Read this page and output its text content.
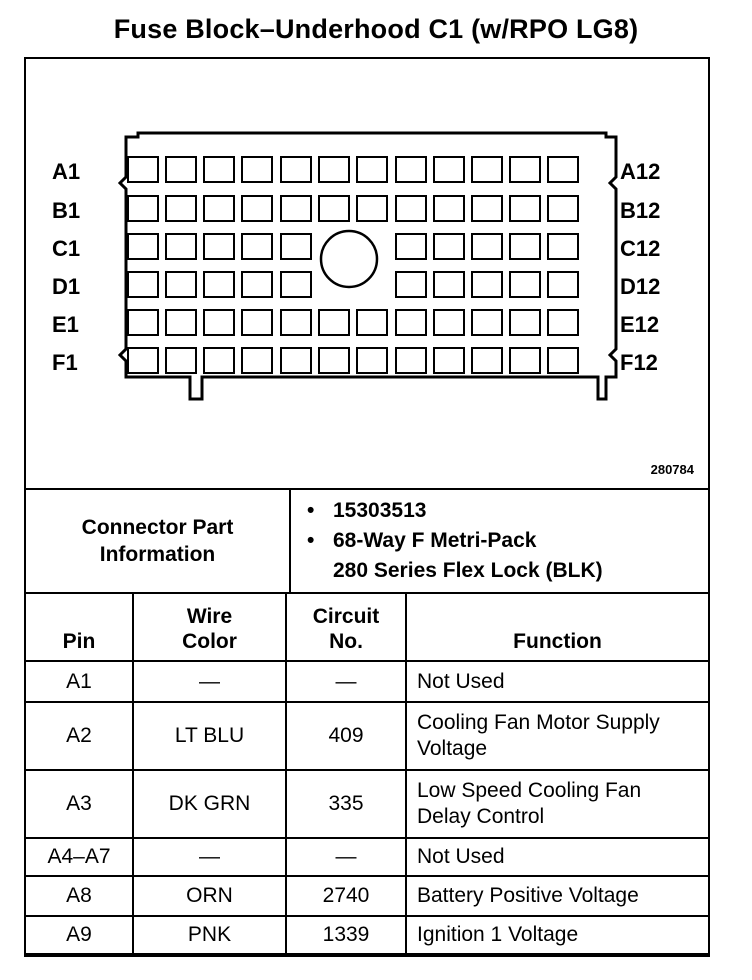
Fuse Block–Underhood C1 (w/RPO LG8)
A1
B1
C1
D1
E1
F1
A12
B12
C12
D12
E12
F12
280784
Connector Part Information	
• 15303513
• 68-Way F Metri-Pack
280 Series Flex Lock (BLK)
Pin	Wire Color	Circuit No.	Function
A1	—	—	Not Used
A2	LT BLU	409	Cooling Fan Motor Supply Voltage
A3	DK GRN	335	Low Speed Cooling Fan Delay Control
A4–A7	—	—	Not Used
A8	ORN	2740	Battery Positive Voltage
A9	PNK	1339	Ignition 1 Voltage
